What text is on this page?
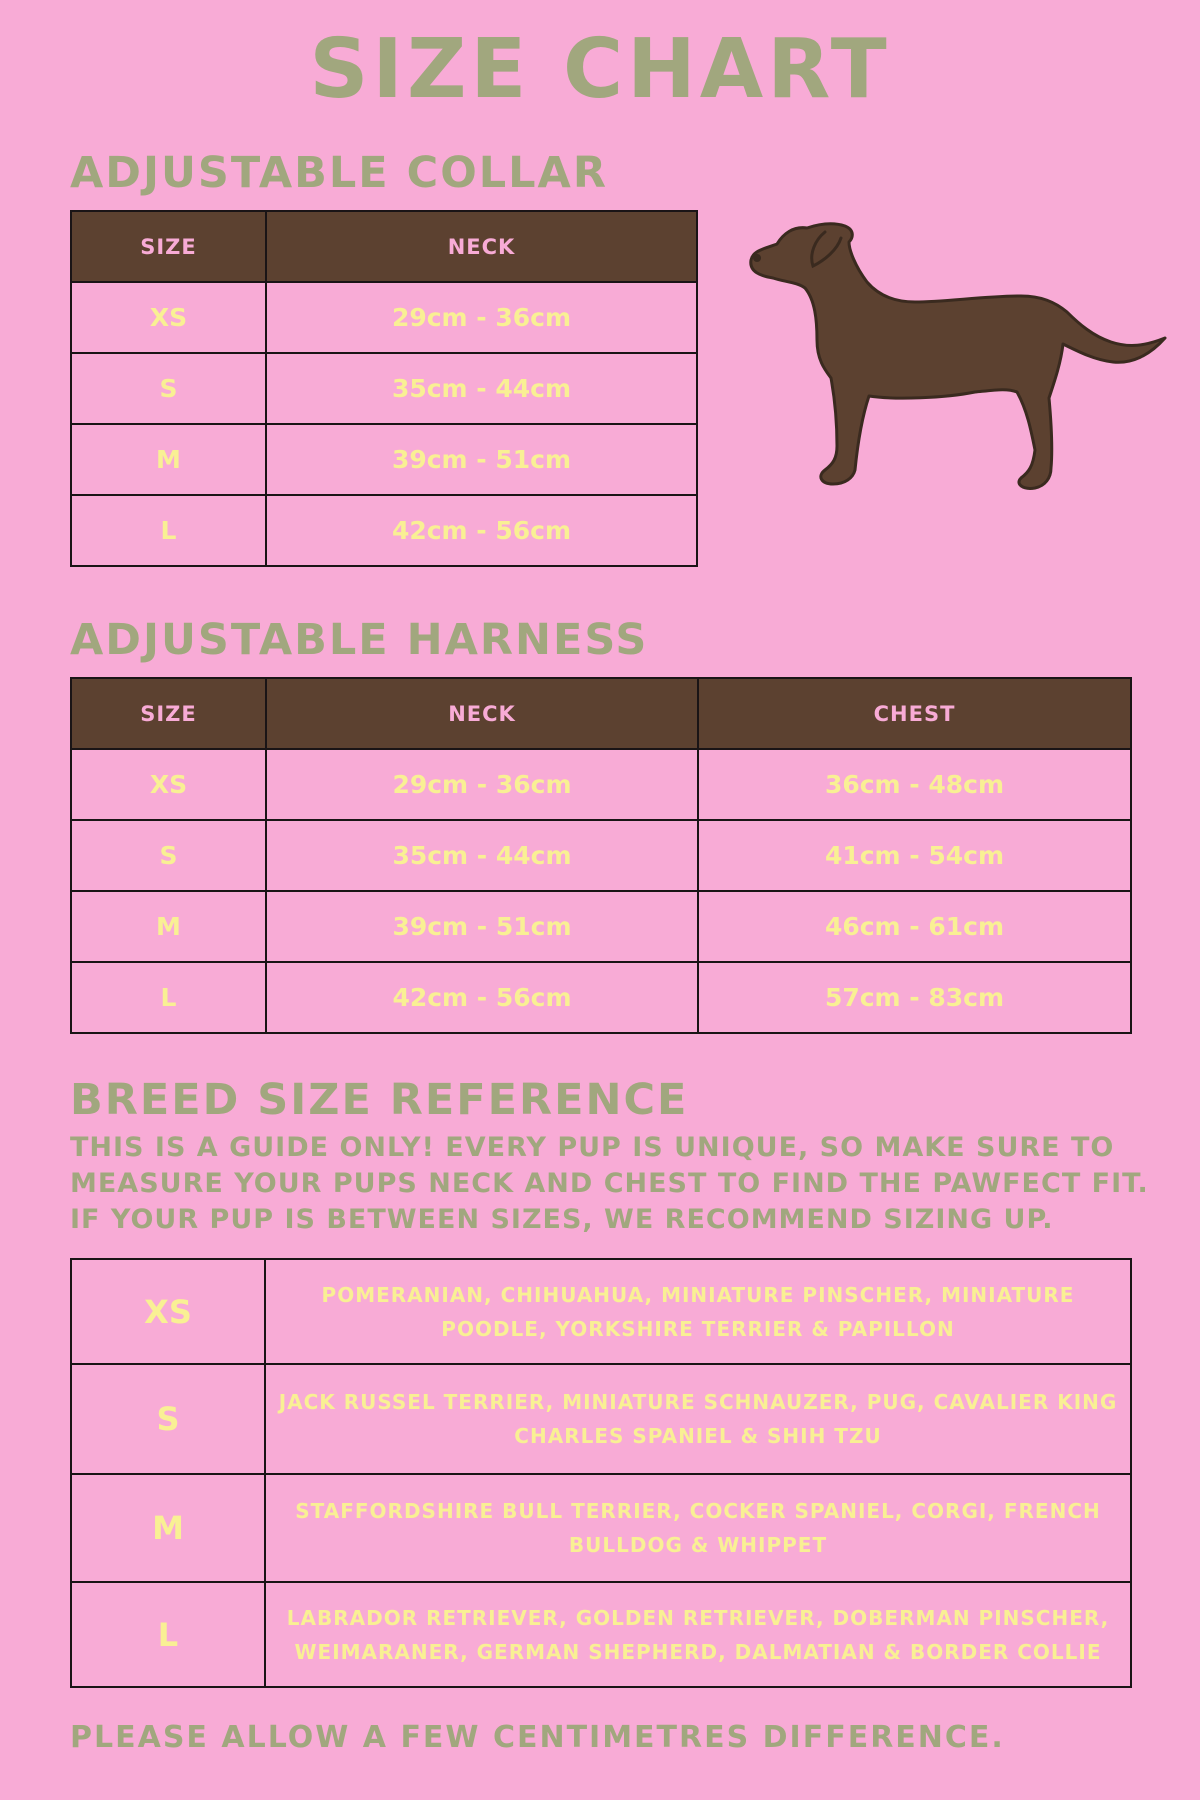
SIZE CHART
ADJUSTABLE COLLAR
SIZE	NECK
XS	29cm - 36cm
S	35cm - 44cm
M	39cm - 51cm
L	42cm - 56cm
ADJUSTABLE HARNESS
SIZE	NECK	CHEST
XS	29cm - 36cm	36cm - 48cm
S	35cm - 44cm	41cm - 54cm
M	39cm - 51cm	46cm - 61cm
L	42cm - 56cm	57cm - 83cm
BREED SIZE REFERENCE
THIS IS A GUIDE ONLY! EVERY PUP IS UNIQUE, SO MAKE SURE TO
MEASURE YOUR PUPS NECK AND CHEST TO FIND THE PAWFECT FIT.
IF YOUR PUP IS BETWEEN SIZES, WE RECOMMEND SIZING UP.
XS	POMERANIAN, CHIHUAHUA, MINIATURE PINSCHER, MINIATURE POODLE, YORKSHIRE TERRIER & PAPILLON
S	JACK RUSSEL TERRIER, MINIATURE SCHNAUZER, PUG, CAVALIER KING CHARLES SPANIEL & SHIH TZU
M	STAFFORDSHIRE BULL TERRIER, COCKER SPANIEL, CORGI, FRENCH BULLDOG & WHIPPET
L	LABRADOR RETRIEVER, GOLDEN RETRIEVER, DOBERMAN PINSCHER, WEIMARANER, GERMAN SHEPHERD, DALMATIAN & BORDER COLLIE

PLEASE ALLOW A FEW CENTIMETRES DIFFERENCE.
